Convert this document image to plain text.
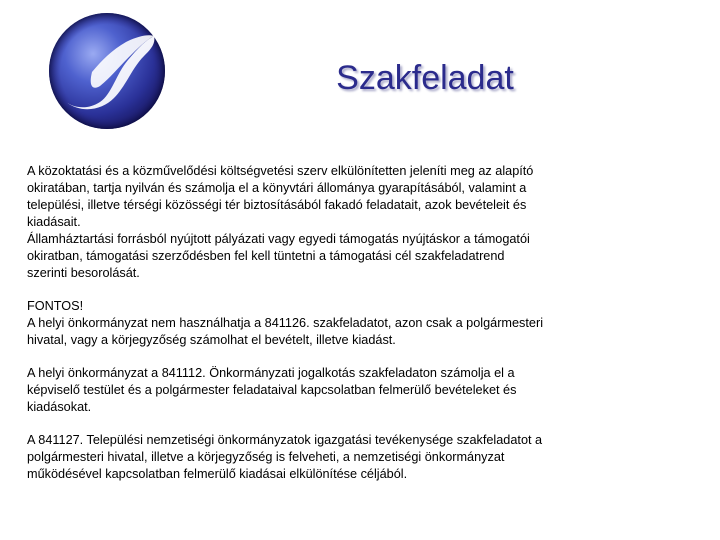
Szakfeladat
A közoktatási és a közművelődési költségvetési szerv elkülönítetten jeleníti meg az alapító
okiratában, tartja nyilván és számolja el a könyvtári állománya gyarapításából, valamint a
települési, illetve térségi közösségi tér biztosításából fakadó feladatait, azok bevételeit és
kiadásait.
Államháztartási forrásból nyújtott pályázati vagy egyedi támogatás nyújtáskor a támogatói
okiratban, támogatási szerződésben fel kell tüntetni a támogatási cél szakfeladatrend
szerinti besorolását.
FONTOS!
A helyi önkormányzat nem használhatja a 841126. szakfeladatot, azon csak a polgármesteri
hivatal, vagy a körjegyzőség számolhat el bevételt, illetve kiadást.
A helyi önkormányzat a 841112. Önkormányzati jogalkotás szakfeladaton számolja el a
képviselő testület és a polgármester feladataival kapcsolatban felmerülő bevételeket és
kiadásokat.
A 841127. Települési nemzetiségi önkormányzatok igazgatási tevékenysége szakfeladatot a
polgármesteri hivatal, illetve a körjegyzőség is felveheti, a nemzetiségi önkormányzat
működésével kapcsolatban felmerülő kiadásai elkülönítése céljából.
